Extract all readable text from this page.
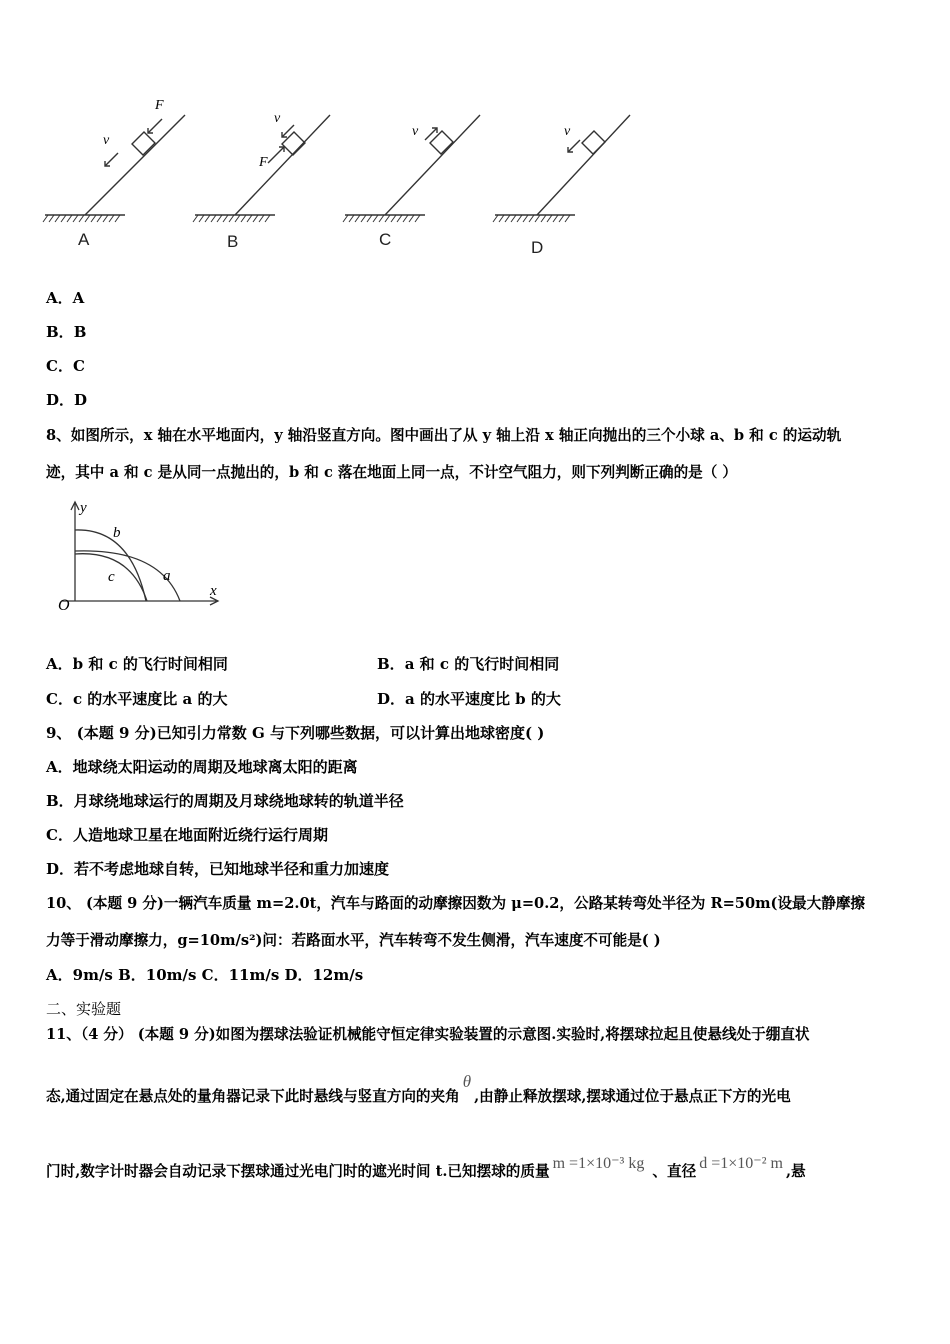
F
v
v
F
v	v
A	B	C	D
A．A
B．B
C．C
D．D
8、如图所示，x 轴在水平地面内，y 轴沿竖直方向。图中画出了从 y 轴上沿 x 轴正向抛出的三个小球 a、b 和 c 的运动轨
迹，其中 a 和 c 是从同一点抛出的，b 和 c 落在地面上同一点，不计空气阻力，则下列判断正确的是（ ）
y
x
O
b
a
c
A．b 和 c 的飞行时间相同	B．a 和 c 的飞行时间相同
C．c 的水平速度比 a 的大	D．a 的水平速度比 b 的大
9、 (本题 9 分)已知引力常数 G 与下列哪些数据，可以计算出地球密度( )
A．地球绕太阳运动的周期及地球离太阳的距离
B．月球绕地球运行的周期及月球绕地球转的轨道半径
C．人造地球卫星在地面附近绕行运行周期
D．若不考虑地球自转，已知地球半径和重力加速度
10、 (本题 9 分)一辆汽车质量 m=2.0t，汽车与路面的动摩擦因数为 μ=0.2，公路某转弯处半径为 R=50m(设最大静摩擦
力等于滑动摩擦力，g=10m/s²)问：若路面水平，汽车转弯不发生侧滑，汽车速度不可能是( )
A．9m/s B．10m/s C．11m/s D．12m/s
二、实验题
11、（4 分） (本题 9 分)如图为摆球法验证机械能守恒定律实验装置的示意图.实验时,将摆球拉起且使悬线处于绷直状
态,通过固定在悬点处的量角器记录下此时悬线与竖直方向的夹角θ,由静止释放摆球,摆球通过位于悬点正下方的光电
门时,数字计时器会自动记录下摆球通过光电门时的遮光时间 t.已知摆球的质量 m =1×10⁻³ kg 、直径 d =1×10⁻² m ,悬
